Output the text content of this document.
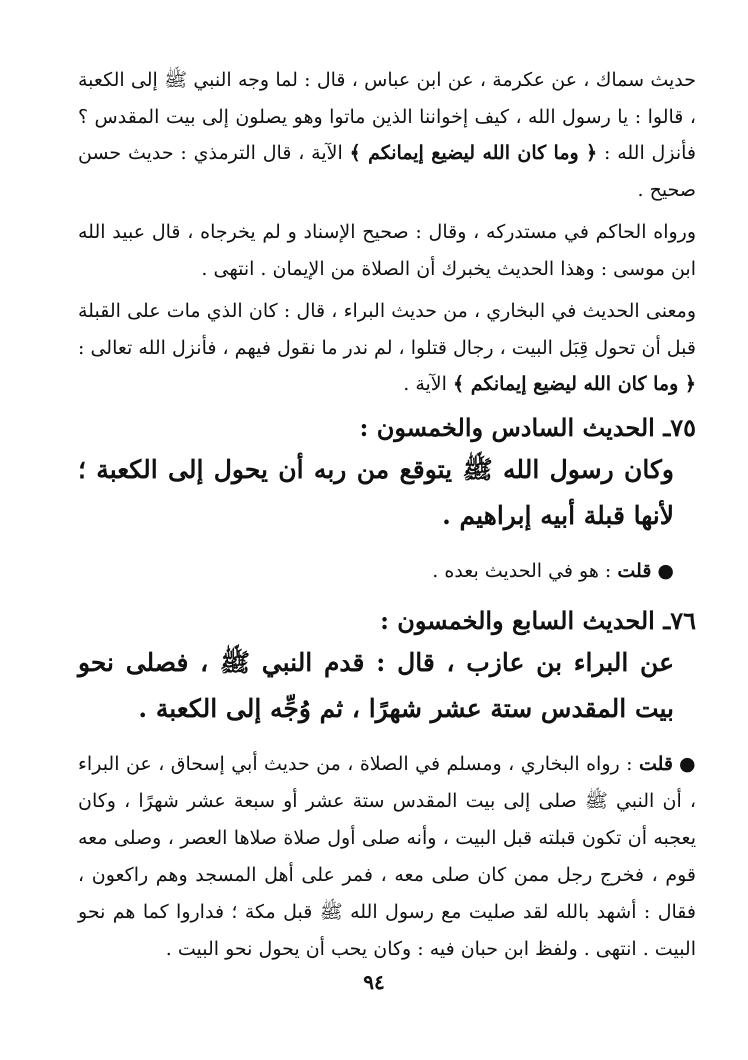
حديث سماك ، عن عكرمة ، عن ابن عباس ، قال : لما وجه النبي ﷺ إلى الكعبة ، قالوا : يا رسول الله ، كيف إخواننا الذين ماتوا وهو يصلون إلى بيت المقدس ؟ فأنزل الله : ﴿ وما كان الله ليضيع إيمانكم ﴾ الآية ، قال الترمذي : حديث حسن صحيح .

ورواه الحاكم في مستدركه ، وقال : صحيح الإسناد و لم يخرجاه ، قال عبيد الله ابن موسى : وهذا الحديث يخبرك أن الصلاة من الإيمان . انتهى .

ومعنى الحديث في البخاري ، من حديث البراء ، قال : كان الذي مات على القبلة قبل أن تحول قِبَل البيت ، رجال قتلوا ، لم ندر ما نقول فيهم ، فأنزل الله تعالى : ﴿ وما كان الله ليضيع إيمانكم ﴾ الآية .

٧٥ـ الحديث السادس والخمسون :

وكان رسول الله ﷺ يتوقع من ربه أن يحول إلى الكعبة ؛ لأنها قبلة أبيه إبراهيم .

●قلت : هو في الحديث بعده .

٧٦ـ الحديث السابع والخمسون :

عن البراء بن عازب ، قال : قدم النبي ﷺ ، فصلى نحو بيت المقدس ستة عشر شهرًا ، ثم وُجِّه إلى الكعبة .

●قلت : رواه البخاري ، ومسلم في الصلاة ، من حديث أبي إسحاق ، عن البراء ، أن النبي ﷺ صلى إلى بيت المقدس ستة عشر أو سبعة عشر شهرًا ، وكان يعجبه أن تكون قبلته قبل البيت ، وأنه صلى أول صلاة صلاها العصر ، وصلى معه قوم ، فخرج رجل ممن كان صلى معه ، فمر على أهل المسجد وهم راكعون ، فقال : أشهد بالله لقد صليت مع رسول الله ﷺ قبل مكة ؛ فداروا كما هم نحو البيت . انتهى . ولفظ ابن حبان فيه : وكان يحب أن يحول نحو البيت .

٩٤
